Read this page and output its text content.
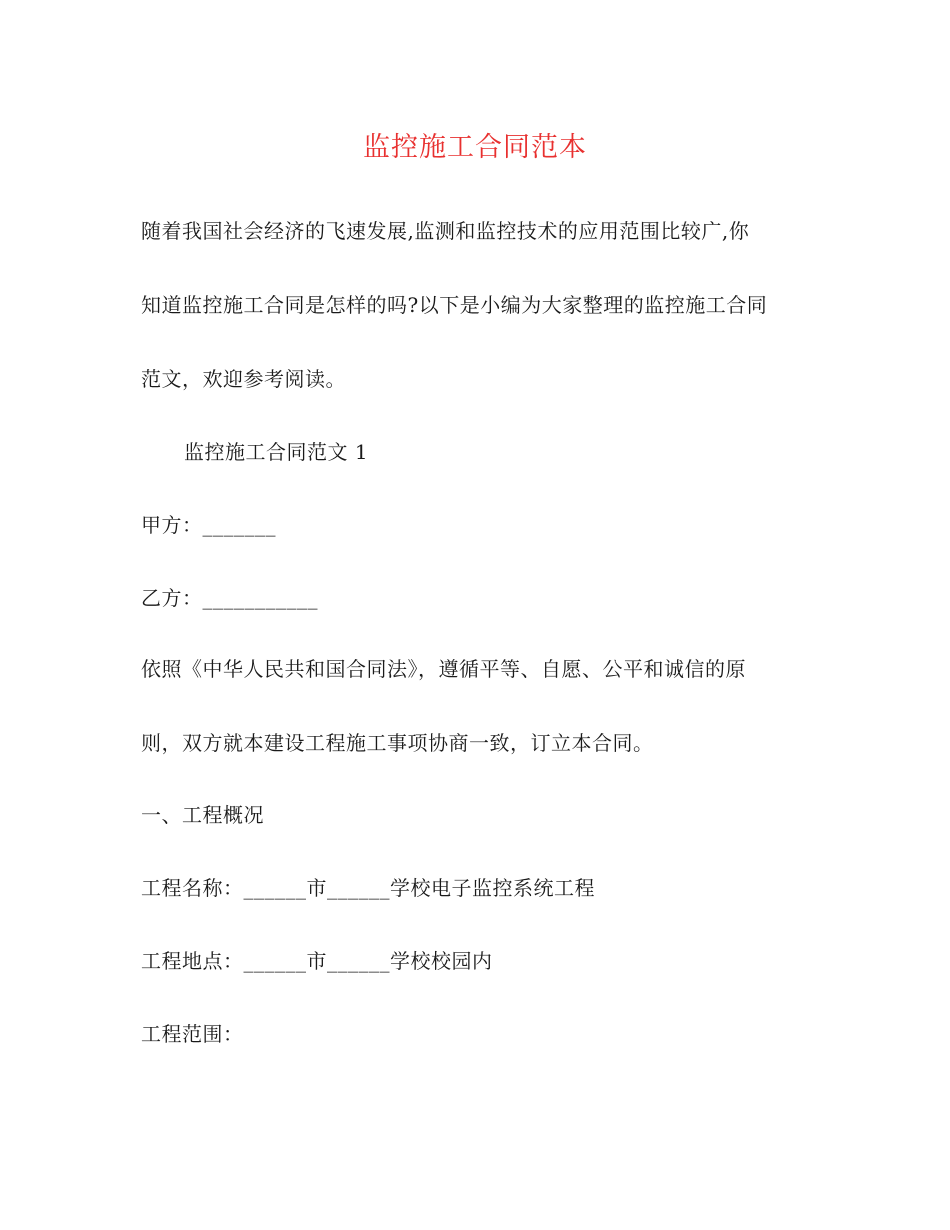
监控施工合同范本
随着我国社会经济的飞速发展,监测和监控技术的应用范围比较广,你
知道监控施工合同是怎样的吗?以下是小编为大家整理的监控施工合同
范文，欢迎参考阅读。
监控施工合同范文 1
甲方：_______
乙方：___________
依照《中华人民共和国合同法》，遵循平等、自愿、公平和诚信的原
则，双方就本建设工程施工事项协商一致，订立本合同。
一、工程概况
工程名称：______市______学校电子监控系统工程
工程地点：______市______学校校园内
工程范围：
